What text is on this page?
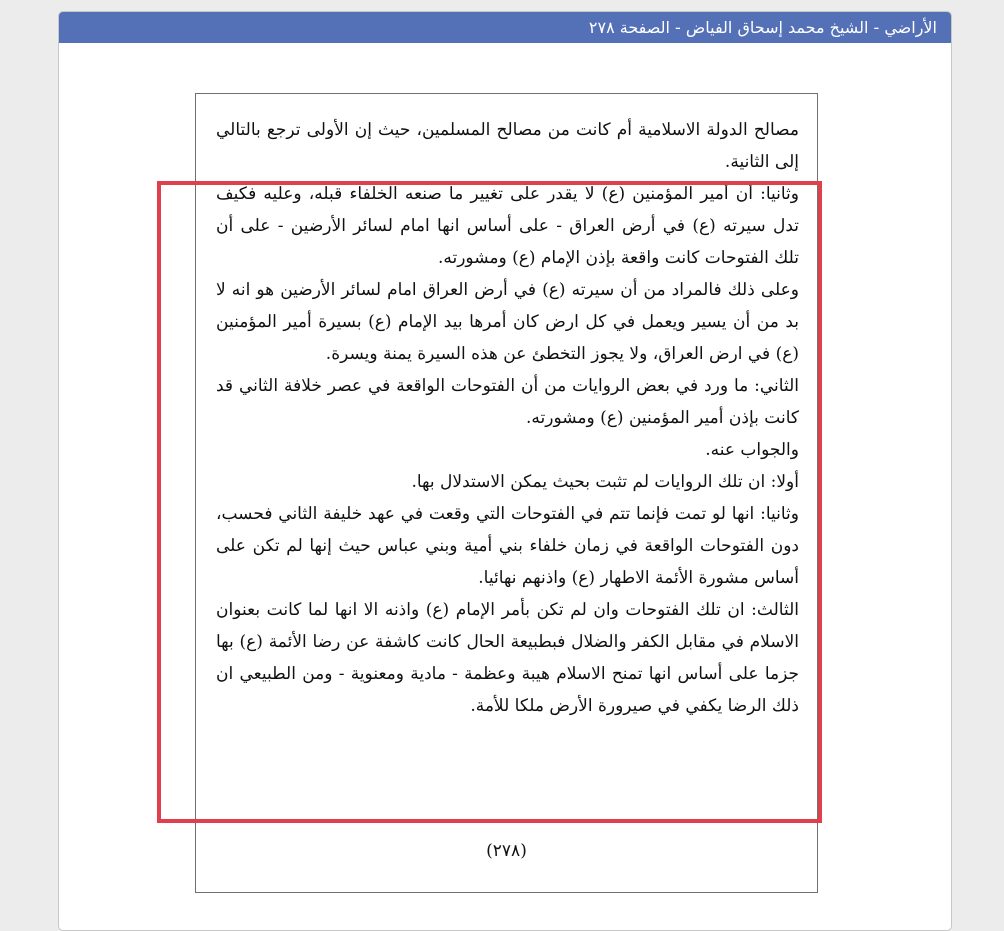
الأراضي - الشيخ محمد إسحاق الفياض - الصفحة ٢٧٨

مصالح الدولة الاسلامية أم كانت من مصالح المسلمين، حيث إن الأولى ترجع بالتالي إلى الثانية.

وثانيا: أن أمير المؤمنين (ع) لا يقدر على تغيير ما صنعه الخلفاء قبله، وعليه فكيف تدل سيرته (ع) في أرض العراق - على أساس انها امام لسائر الأرضين - على أن تلك الفتوحات كانت واقعة بإذن الإمام (ع) ومشورته.

وعلى ذلك فالمراد من أن سيرته (ع) في أرض العراق امام لسائر الأرضين هو انه لا بد من أن يسير ويعمل في كل ارض كان أمرها بيد الإمام (ع) بسيرة أمير المؤمنين (ع) في ارض العراق، ولا يجوز التخطئ عن هذه السيرة يمنة ويسرة.

الثاني: ما ورد في بعض الروايات من أن الفتوحات الواقعة في عصر خلافة الثاني قد كانت بإذن أمير المؤمنين (ع) ومشورته.

والجواب عنه.

أولا: ان تلك الروايات لم تثبت بحيث يمكن الاستدلال بها.

وثانيا: انها لو تمت فإنما تتم في الفتوحات التي وقعت في عهد خليفة الثاني فحسب، دون الفتوحات الواقعة في زمان خلفاء بني أمية وبني عباس حيث إنها لم تكن على أساس مشورة الأئمة الاطهار (ع) واذنهم نهائيا.

الثالث: ان تلك الفتوحات وان لم تكن بأمر الإمام (ع) واذنه الا انها لما كانت بعنوان الاسلام في مقابل الكفر والضلال فبطبيعة الحال كانت كاشفة عن رضا الأئمة (ع) بها جزما على أساس انها تمنح الاسلام هيبة وعظمة - مادية ومعنوية - ومن الطبيعي ان ذلك الرضا يكفي في صيرورة الأرض ملكا للأمة.

(٢٧٨)
